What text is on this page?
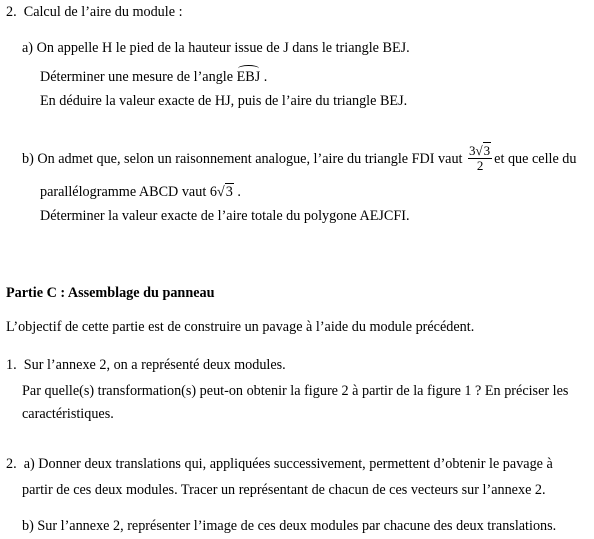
2. Calcul de l’aire du module :
a) On appelle H le pied de la hauteur issue de J dans le triangle BEJ.
Déterminer une mesure de l’angle EBJ .
En déduire la valeur exacte de HJ, puis de l’aire du triangle BEJ.
b) On admet que, selon un raisonnement analogue, l’aire du triangle FDI vaut $\frac{3√3}{2}$ et que celle du
parallélogramme ABCD vaut 6√3 .
Déterminer la valeur exacte de l’aire totale du polygone AEJCFI.
Partie C : Assemblage du panneau
L’objectif de cette partie est de construire un pavage à l’aide du module précédent.
1. Sur l’annexe 2, on a représenté deux modules.
Par quelle(s) transformation(s) peut-on obtenir la figure 2 à partir de la figure 1 ? En préciser les
caractéristiques.
2. a) Donner deux translations qui, appliquées successivement, permettent d’obtenir le pavage à
partir de ces deux modules. Tracer un représentant de chacun de ces vecteurs sur l’annexe 2.
b) Sur l’annexe 2, représenter l’image de ces deux modules par chacune des deux translations.
